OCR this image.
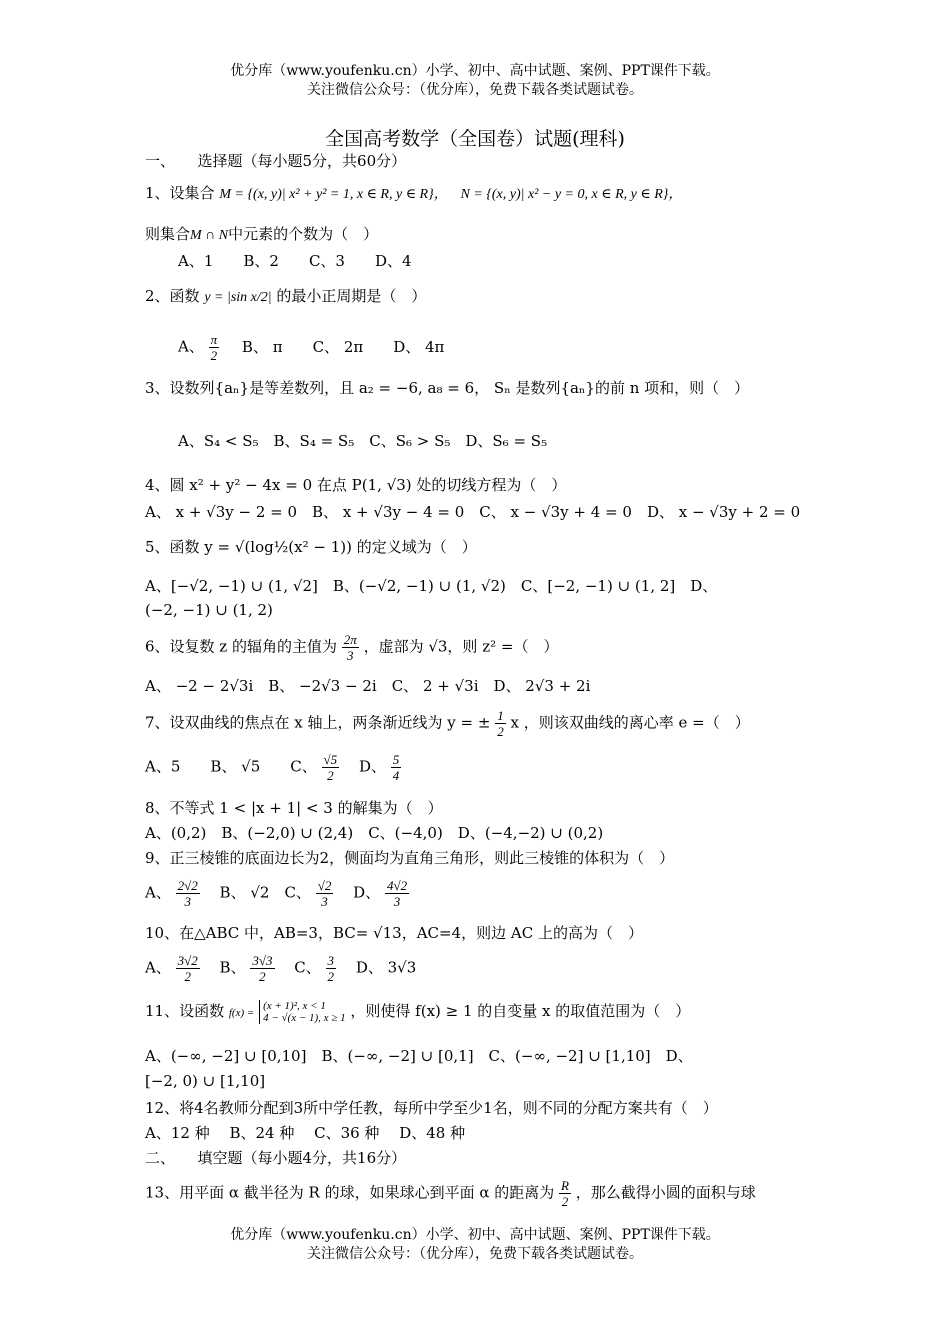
优分库（www.youfenku.cn）小学、初中、高中试题、案例、PPT课件下载。
关注微信公众号：（优分库），免费下载各类试题试卷。
全国高考数学（全国卷）试题(理科)
一、　　选择题（每小题5分，共60分）
1、设集合 M = {(x, y)| x² + y² = 1, x ∈ R, y ∈ R}， N = {(x, y)| x² − y = 0, x ∈ R, y ∈ R}，
则集合M ∩ N中元素的个数为（　）
A、1　　B、2　　C、3　　D、4
2、函数 y = |sin x/2| 的最小正周期是（　）
A、 $\frac{\pi}{2}$ B、 π　　C、 2π　　D、 4π
3、设数列{aₙ}是等差数列，且 a₂ = −6, a₈ = 6， Sₙ 是数列{aₙ}的前 n 项和，则（　）
A、S₄ < S₅　B、S₄ = S₅　C、S₆ > S₅　D、S₆ = S₅
4、圆 x² + y² − 4x = 0 在点 P(1, √3) 处的切线方程为（　）
A、 x + √3y − 2 = 0　B、 x + √3y − 4 = 0　C、 x − √3y + 4 = 0　D、 x − √3y + 2 = 0
5、函数 y = √(log½(x² − 1)) 的定义域为（　）
A、[−√2, −1) ∪ (1, √2]　B、(−√2, −1) ∪ (1, √2)　C、[−2, −1) ∪ (1, 2]　D、
(−2, −1) ∪ (1, 2)
6、设复数 z 的辐角的主值为 $\frac{2\pi}{3}$ ，虚部为 √3，则 z² =（　）
A、 −2 − 2√3i　B、 −2√3 − 2i　C、 2 + √3i　D、 2√3 + 2i
7、设双曲线的焦点在 x 轴上，两条渐近线为 y = ± $\frac{1}{2}$ x ，则该双曲线的离心率 e =（　）
A、5　　B、 √5　　C、 $\frac{√5}{2}$ 　D、 $\frac{5}{4}$
8、不等式 1 < |x + 1| < 3 的解集为（　）
A、(0,2)　B、(−2,0) ∪ (2,4)　C、(−4,0)　D、(−4,−2) ∪ (0,2)
9、正三棱锥的底面边长为2，侧面均为直角三角形，则此三棱锥的体积为（　）
A、 $\frac{2√2}{3}$ 　B、 √2　C、 $\frac{√2}{3}$ 　D、 $\frac{4√2}{3}$
10、在△ABC 中，AB=3，BC= √13，AC=4，则边 AC 上的高为（　）
A、 $\frac{3√2}{2}$ 　B、 $\frac{3√3}{2}$ 　C、 $\frac{3}{2}$ 　D、 3√3
11、设函数 f(x) =
(x + 1)², x < 1
4 − √(x − 1), x ≥ 1 ，则使得 f(x) ≥ 1 的自变量 x 的取值范围为（　）
A、(−∞, −2] ∪ [0,10]　B、(−∞, −2] ∪ [0,1]　C、(−∞, −2] ∪ [1,10]　D、
[−2, 0) ∪ [1,10]
12、将4名教师分配到3所中学任教，每所中学至少1名，则不同的分配方案共有（　）
A、12 种　 B、24 种　 C、36 种　 D、48 种
二、　　填空题（每小题4分，共16分）
13、用平面 α 截半径为 R 的球，如果球心到平面 α 的距离为 $\frac{R}{2}$ ，那么截得小圆的面积与球
优分库（www.youfenku.cn）小学、初中、高中试题、案例、PPT课件下载。
关注微信公众号：（优分库），免费下载各类试题试卷。
